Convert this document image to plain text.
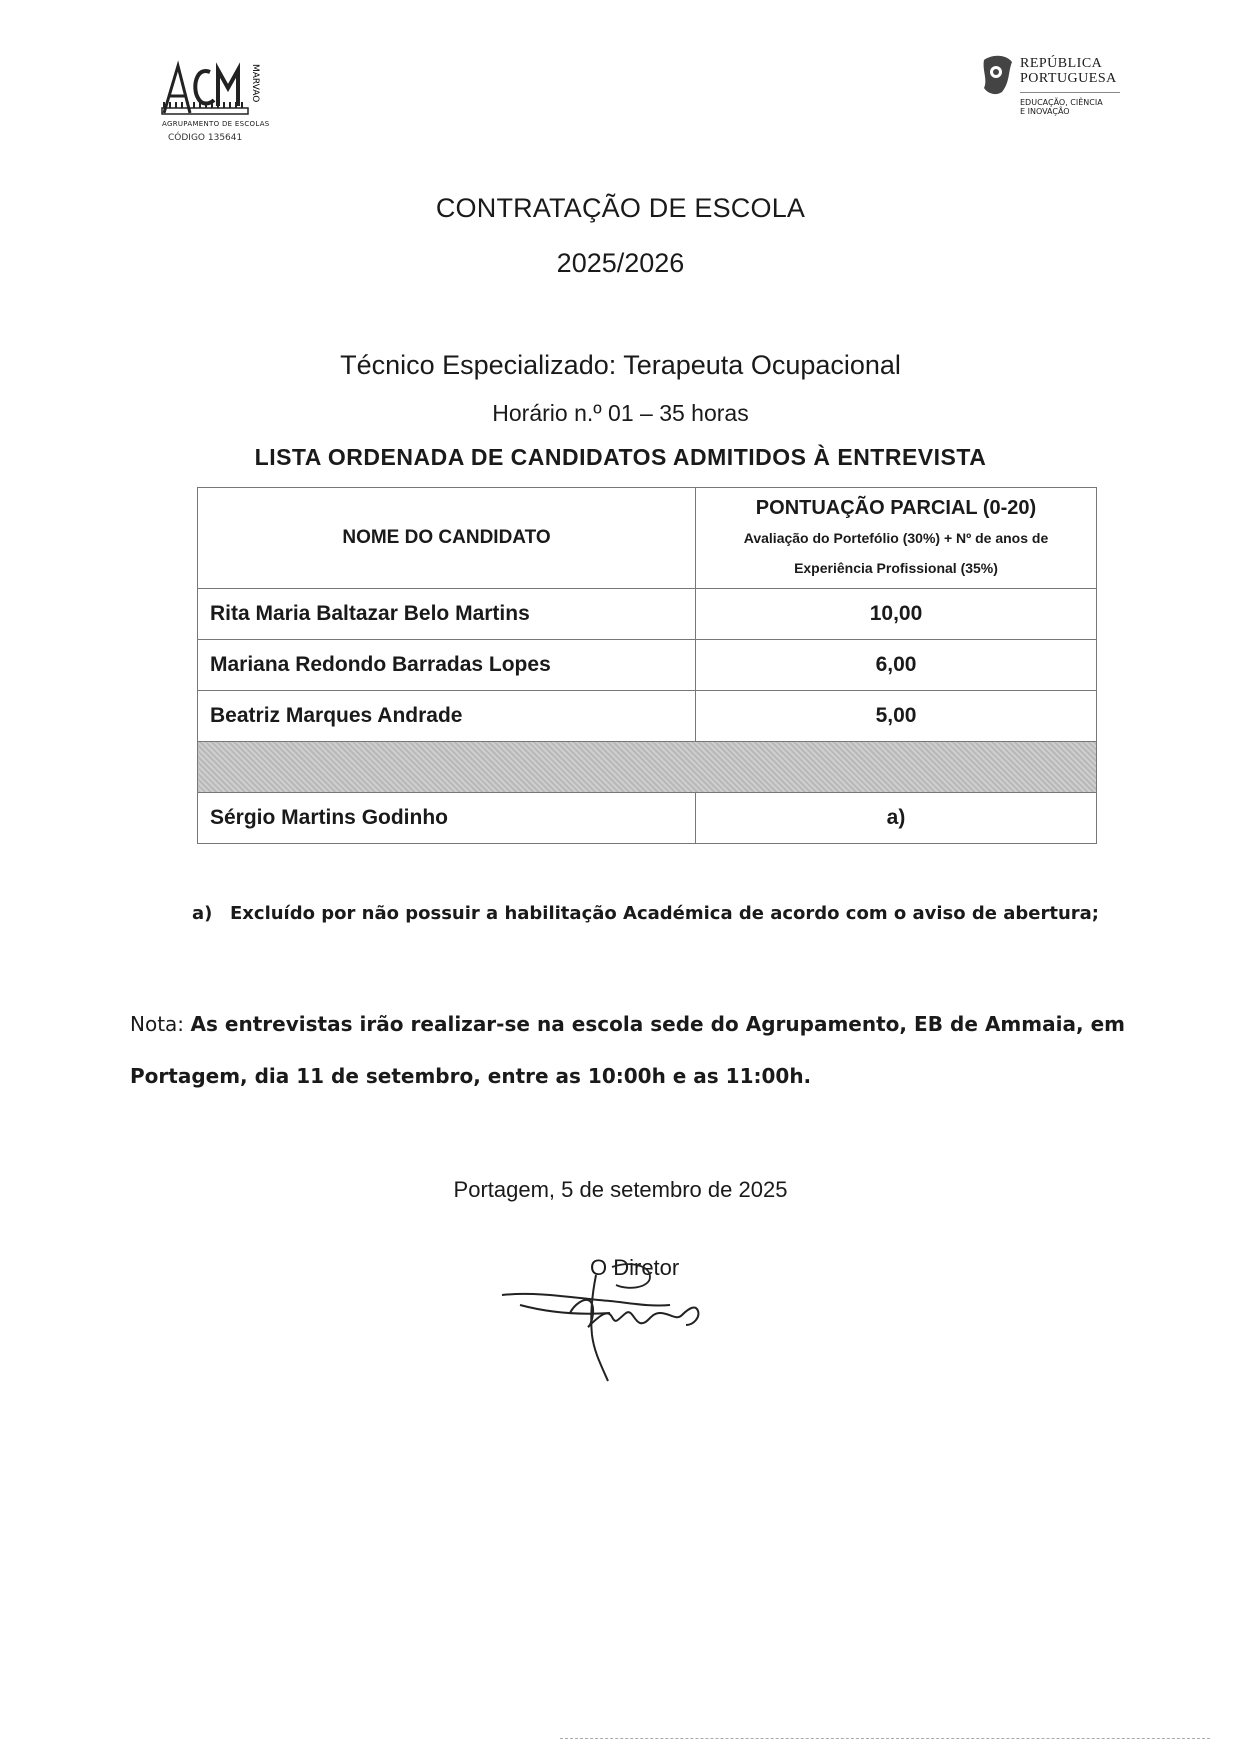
MARVÃO
AGRUPAMENTO DE ESCOLAS
CÓDIGO 135641
REPÚBLICA
PORTUGUESA
EDUCAÇÃO, CIÊNCIA
E INOVAÇÃO
CONTRATAÇÃO DE ESCOLA
2025/2026
Técnico Especializado: Terapeuta Ocupacional
Horário n.º 01 – 35 horas
LISTA ORDENADA DE CANDIDATOS ADMITIDOS À ENTREVISTA
NOME DO CANDIDATO	PONTUAÇÃO PARCIAL (0-20)
Avaliação do Portefólio (30%) + Nº de anos de Experiência Profissional (35%)

Rita Maria Baltazar Belo Martins	10,00
Mariana Redondo Barradas Lopes	6,00
Beatriz Marques Andrade	5,00

Sérgio Martins Godinho	a)
a) Excluído por não possuir a habilitação Académica de acordo com o aviso de abertura;
Nota: As entrevistas irão realizar-se na escola sede do Agrupamento, EB de Ammaia, em Portagem, dia 11 de setembro, entre as 10:00h e as 11:00h.
Portagem, 5 de setembro de 2025
O Diretor
